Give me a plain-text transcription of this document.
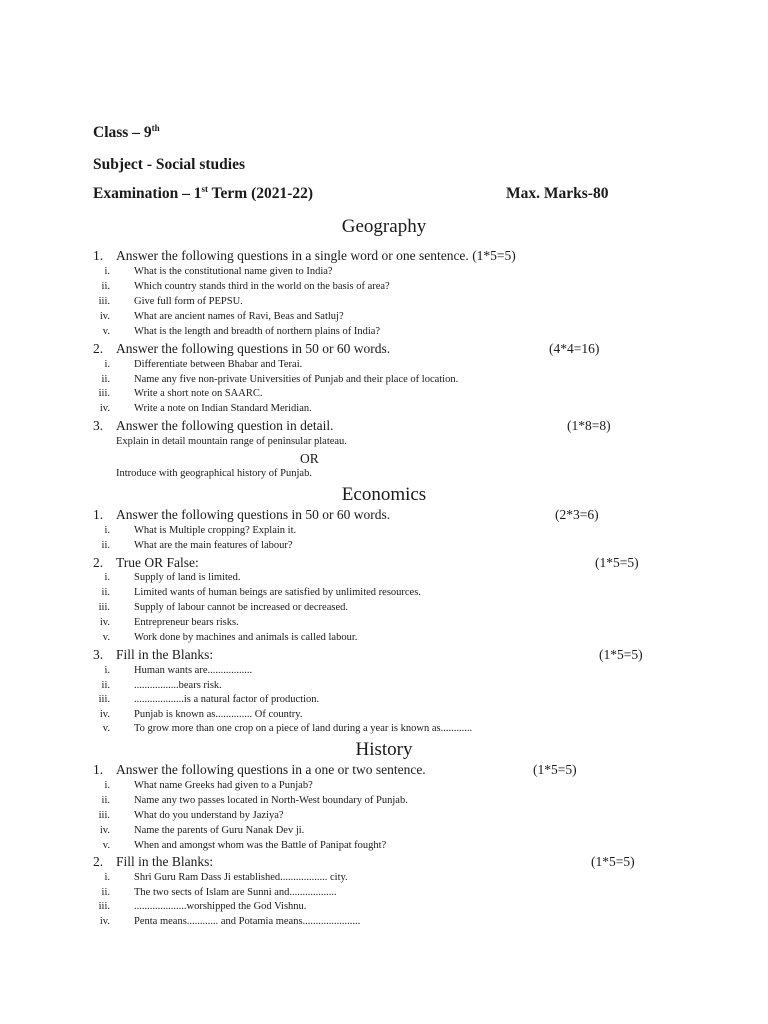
Class – 9th
Subject - Social studies
Examination – 1st Term (2021-22)	Max. Marks-80
Geography
1. Answer the following questions in a single word or one sentence. (1*5=5)
i. What is the constitutional name given to India?
ii. Which country stands third in the world on the basis of area?
iii. Give full form of PEPSU.
iv. What are ancient names of Ravi, Beas and Satluj?
v. What is the length and breadth of northern plains of India?
2. Answer the following questions in 50 or 60 words.	(4*4=16)
i. Differentiate between Bhabar and Terai.
ii. Name any five non-private Universities of Punjab and their place of location.
iii. Write a short note on SAARC.
iv. Write a note on Indian Standard Meridian.
3. Answer the following question in detail.	(1*8=8)
Explain in detail mountain range of peninsular plateau.
OR
Introduce with geographical history of Punjab.
Economics
1. Answer the following questions in 50 or 60 words.	(2*3=6)
i. What is Multiple cropping? Explain it.
ii. What are the main features of labour?
2. True OR False:	(1*5=5)
i. Supply of land is limited.
ii. Limited wants of human beings are satisfied by unlimited resources.
iii. Supply of labour cannot be increased or decreased.
iv. Entrepreneur bears risks.
v. Work done by machines and animals is called labour.
3. Fill in the Blanks:	(1*5=5)
i. Human wants are.................
ii. .................bears risk.
iii. ...................is a natural factor of production.
iv. Punjab is known as.............. Of country.
v. To grow more than one crop on a piece of land during a year is known as............
History
1. Answer the following questions in a one or two sentence.	(1*5=5)
i. What name Greeks had given to a Punjab?
ii. Name any two passes located in North-West boundary of Punjab.
iii. What do you understand by Jaziya?
iv. Name the parents of Guru Nanak Dev ji.
v. When and amongst whom was the Battle of Panipat fought?
2. Fill in the Blanks:	(1*5=5)
i. Shri Guru Ram Dass Ji established.................. city.
ii. The two sects of Islam are Sunni and..................
iii. ....................worshipped the God Vishnu.
iv. Penta means............ and Potamia means......................
